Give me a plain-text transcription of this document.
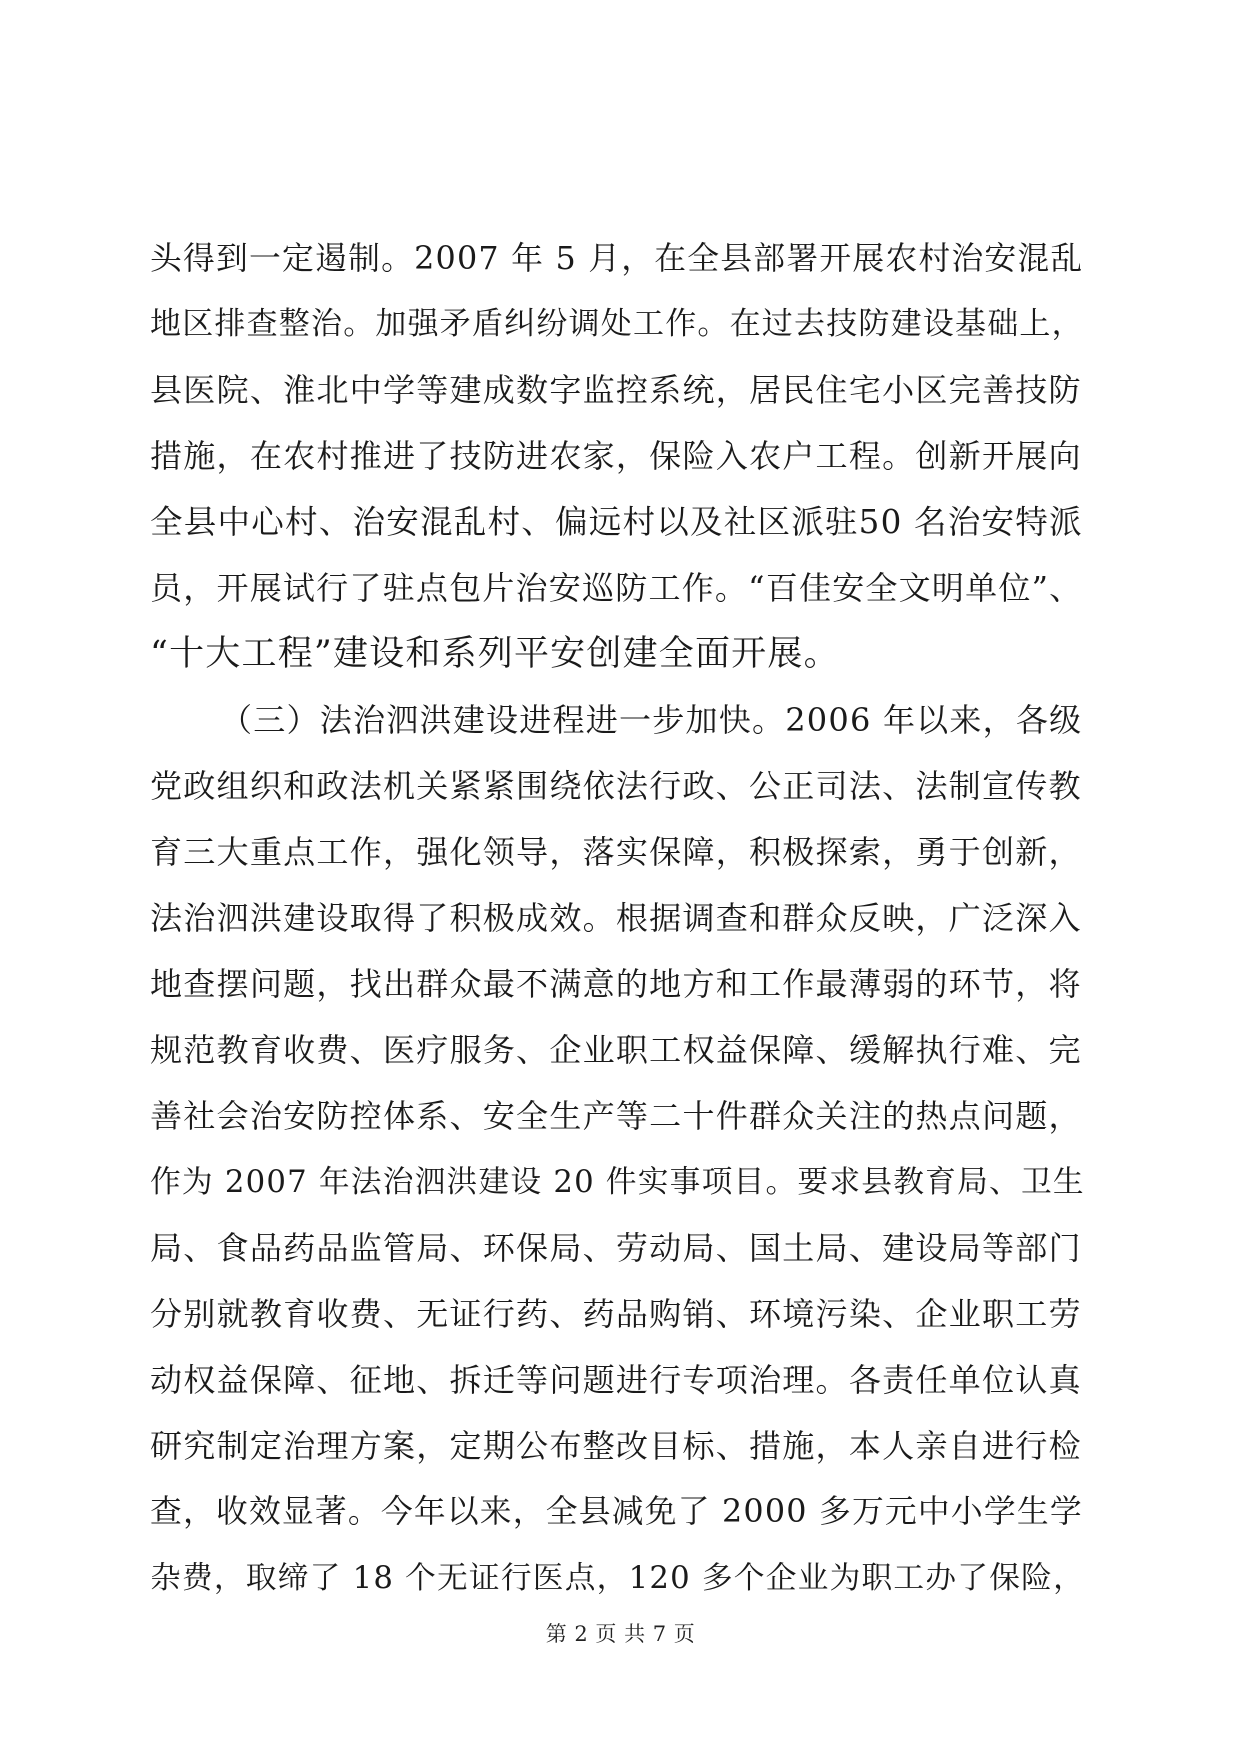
头得到一定遏制。2007 年 5 月，在全县部署开展农村治安混乱
地区排查整治。加强矛盾纠纷调处工作。在过去技防建设基础上，
县医院、淮北中学等建成数字监控系统，居民住宅小区完善技防
措施，在农村推进了技防进农家，保险入农户工程。创新开展向
全县中心村、治安混乱村、偏远村以及社区派驻50 名治安特派
员，开展试行了驻点包片治安巡防工作。“百佳安全文明单位”、
“十大工程”建设和系列平安创建全面开展。
（三）法治泗洪建设进程进一步加快。2006 年以来，各级
党政组织和政法机关紧紧围绕依法行政、公正司法、法制宣传教
育三大重点工作，强化领导，落实保障，积极探索，勇于创新，
法治泗洪建设取得了积极成效。根据调查和群众反映，广泛深入
地查摆问题，找出群众最不满意的地方和工作最薄弱的环节，将
规范教育收费、医疗服务、企业职工权益保障、缓解执行难、完
善社会治安防控体系、安全生产等二十件群众关注的热点问题，
作为 2007 年法治泗洪建设 20 件实事项目。要求县教育局、卫生
局、食品药品监管局、环保局、劳动局、国土局、建设局等部门
分别就教育收费、无证行药、药品购销、环境污染、企业职工劳
动权益保障、征地、拆迁等问题进行专项治理。各责任单位认真
研究制定治理方案，定期公布整改目标、措施，本人亲自进行检
查，收效显著。今年以来，全县减免了 2000 多万元中小学生学
杂费，取缔了 18 个无证行医点，120 多个企业为职工办了保险，
第 2 页 共 7 页
